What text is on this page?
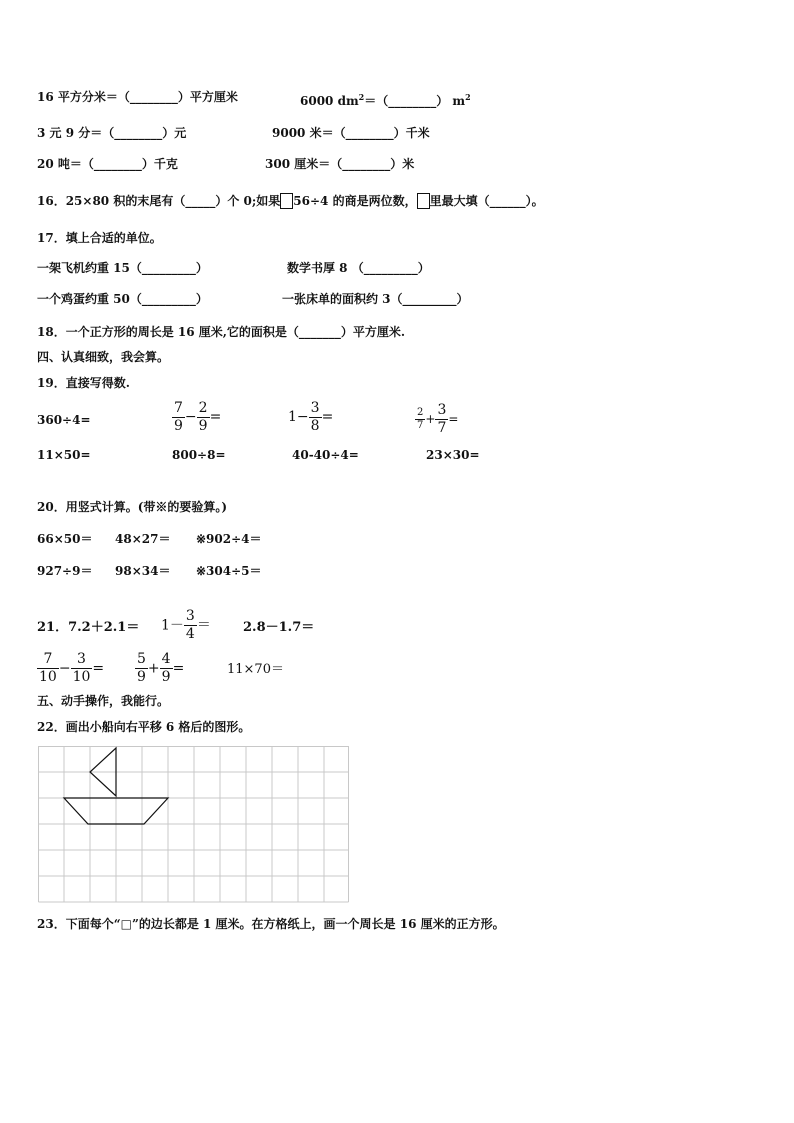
16 平方分米＝（________）平方厘米	6000 $dm^2=(\_\_\_\_\_\_\_\_)$ $m^2$
3 元 9 分＝（________）元	9000 米＝（________）千米
20 吨＝（________）千克	300 厘米＝（________）米
16．25×80 积的末尾有（_____）个 0;如果 56÷4 的商是两位数， 里最大填（______）。
17．填上合适的单位。
一架飞机约重 15（_________）	数学书厚 8 （_________）
一个鸡蛋约重 50（_________）	一张床单的面积约 3（_________）
18．一个正方形的周长是 16 厘米,它的面积是（_______）平方厘米.
四、认真细致，我会算。
19．直接写得数.
360÷4=	$\frac{7}{9} - \frac{2}{9}$ =	$1- \frac{3}{8}$ =	$\frac{2}{7} + \frac{3}{7}$ =
11×50=	800÷8=	40-40÷4=	23×30=
20．用竖式计算。(带※的要验算。)
66×50＝ 48×27＝ ※902÷4＝
927÷9＝ 98×34＝ ※304÷5＝
21．$7.2+2.1= 1- \frac{3}{4} = 2.8-1.7=$
$\frac{7}{10} - \frac{3}{10} = \frac{5}{9} + \frac{4}{9}$ =	11×70＝
五、动手操作，我能行。
22．画出小船向右平移 6 格后的图形。
23．下面每个“□”的边长都是 1 厘米。在方格纸上，画一个周长是 16 厘米的正方形。
